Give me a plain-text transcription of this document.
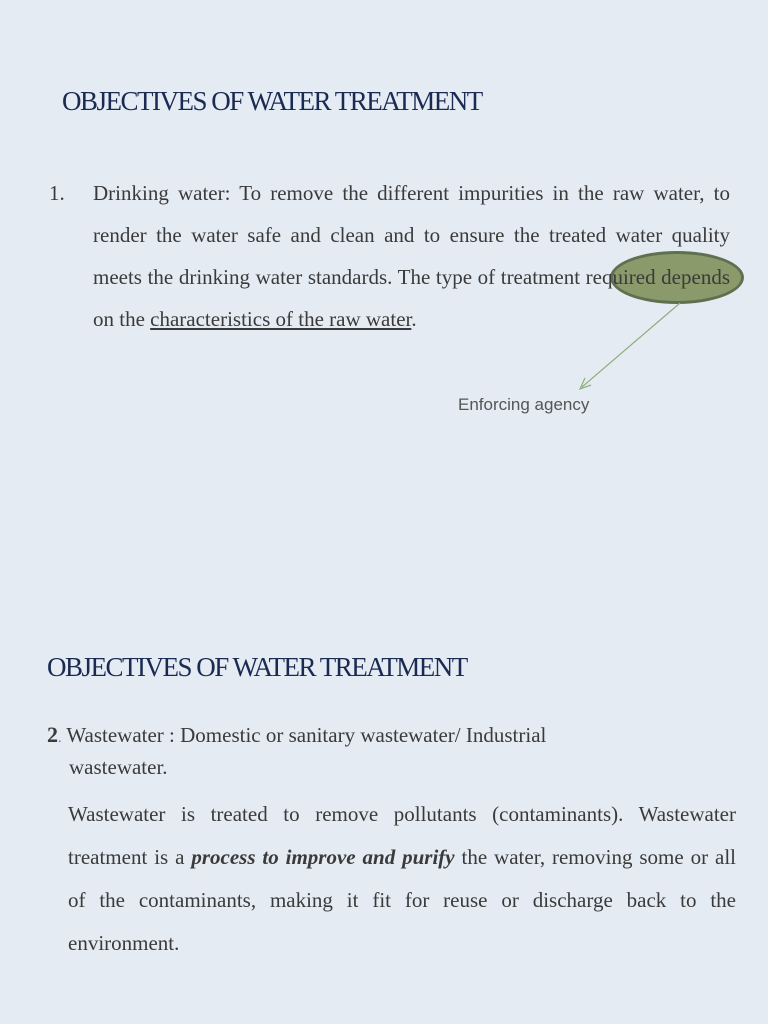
OBJECTIVES OF WATER TREATMENT
1. Drinking water: To remove the different impurities in the raw water, to render the water safe and clean and to ensure the treated water quality meets the drinking water standards. The type of treatment required depends on the characteristics of the raw water.
Enforcing agency
OBJECTIVES OF WATER TREATMENT
2. Wastewater : Domestic or sanitary wastewater/ Industrial
wastewater.
Wastewater is treated to remove pollutants (contaminants). Wastewater treatment is a process to improve and purify the water, removing some or all of the contaminants, making it fit for reuse or discharge back to the environment.
